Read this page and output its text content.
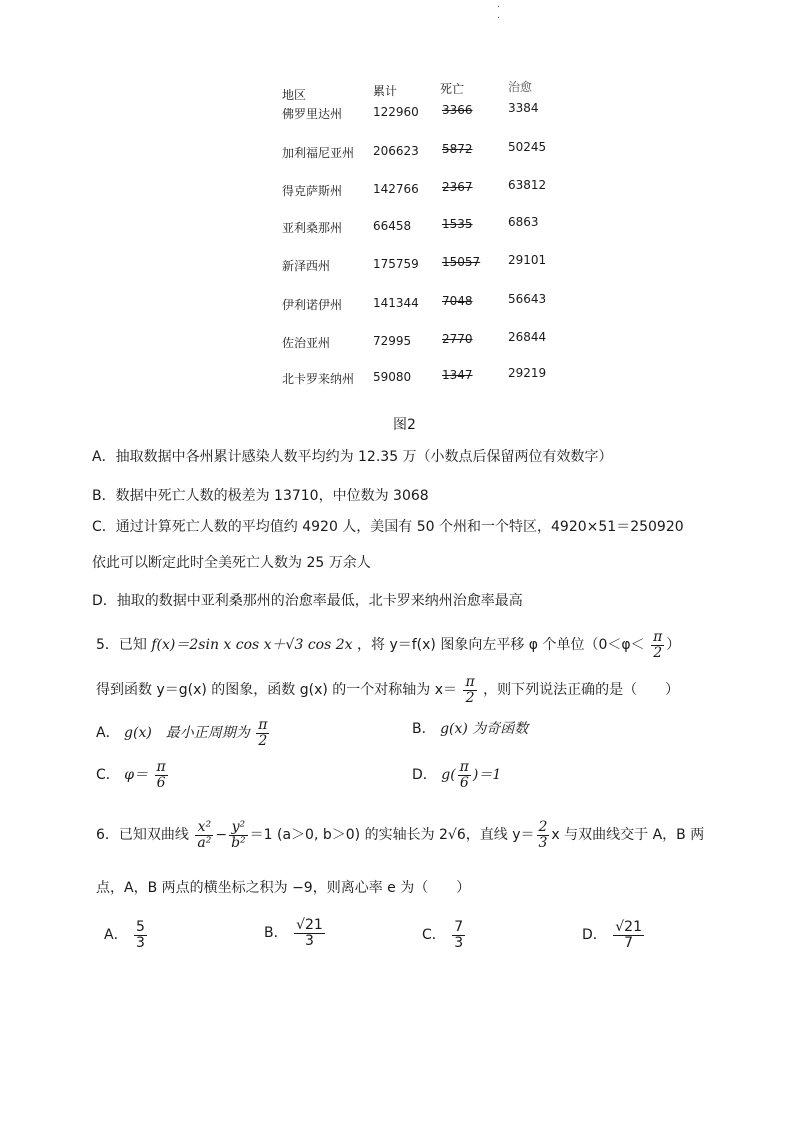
·
·
地区	累计	死亡	治愈
佛罗里达州	122960 3366	3384
加利福尼亚州 206623 5872	50245
得克萨斯州	142766 2367	63812
亚利桑那州	66458	1535	6863
新泽西州	175759 15057 29101
伊利诺伊州	141344 7048	56643
佐治亚州	72995	2770	26844
北卡罗来纳州 59080	1347	29219
图2
A．抽取数据中各州累计感染人数平均约为 12.35 万（小数点后保留两位有效数字）
B．数据中死亡人数的极差为 13710，中位数为 3068
C．通过计算死亡人数的平均值约 4920 人，美国有 50 个州和一个特区，4920×51＝250920
依此可以断定此时全美死亡人数为 25 万余人
D．抽取的数据中亚利桑那州的治愈率最低，北卡罗来纳州治愈率最高
5．已知 f(x)＝2sin x cos x＋√3 cos 2x ，将 y＝f(x) 图象向左平移 φ 个单位（$0<\varphi< \frac{\pi}{2}$ ）
得到函数 y＝g(x) 的图象，函数 g(x) 的一个对称轴为 $x= \frac{\pi}{2}$ ，则下列说法正确的是（　　）
A． g(x)　最小正周期为 $\frac{\pi}{2}$	B． g(x) 为奇函数
C． $\varphi= \frac{\pi}{6}$	D． $g( \frac{\pi}{6} )=1$
6．已知双曲线 $\frac{\text{x²}}{\text{a²}} - \frac{\text{y²}}{\text{b²}} =1$ (a＞0, b＞0) 的实轴长为 2√6，直线 $y= \frac{2}{3}$ x 与双曲线交于 A，B 两
点，A，B 两点的横坐标之积为 −9，则离心率 e 为（　　）
A． $\frac{5}{3}$	B． $\frac{√21}{3}$	C． $\frac{7}{3}$	D． $\frac{√21}{7}$
